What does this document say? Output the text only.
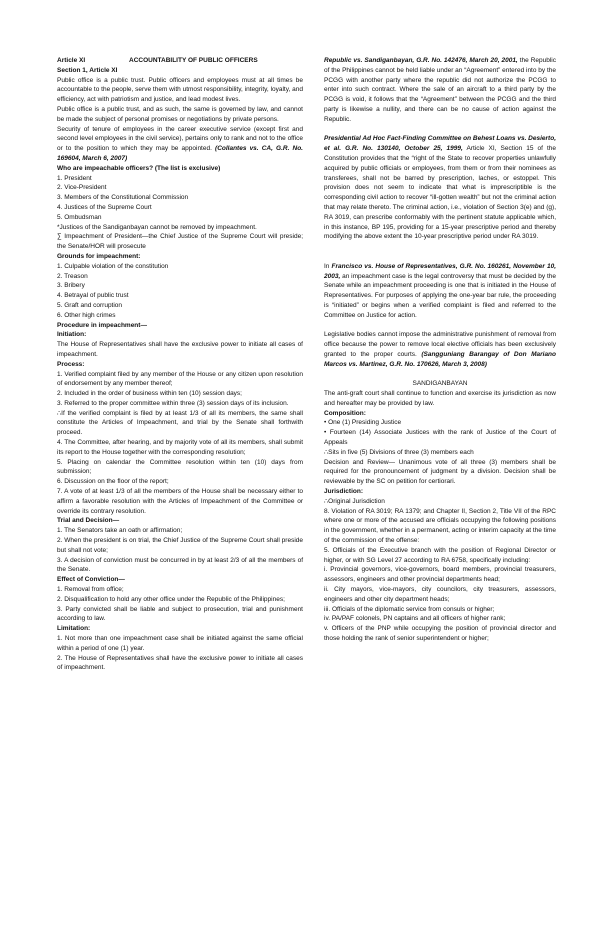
Article XI	ACCOUNTABILITY OF PUBLIC OFFICERS

Section 1, Article XI

Public office is a public trust. Public officers and employees must at all times be accountable to the people, serve them with utmost responsibility, integrity, loyalty, and efficiency, act with patriotism and justice, and lead modest lives.

Public office is a public trust, and as such, the same is governed by law, and cannot be made the subject of personal promises or negotiations by private persons.

Security of tenure of employees in the career executive service (except first and second level employees in the civil service), pertains only to rank and not to the office or to the position to which they may be appointed. (Collantes vs. CA, G.R. No. 169604, March 6, 2007)

Who are impeachable officers? (The list is exclusive)

1. President

2. Vice-President

3. Members of the Constitutional Commission

4. Justices of the Supreme Court

5. Ombudsman

*Justices of the Sandiganbayan cannot be removed by impeachment.

∑ Impeachment of President—the Chief Justice of the Supreme Court will preside; the Senate/HOR will prosecute

Grounds for impeachment:

1. Culpable violation of the constitution

2. Treason

3. Bribery

4. Betrayal of public trust

5. Graft and corruption

6. Other high crimes

Procedure in impeachment—

Initiation:

The House of Representatives shall have the exclusive power to initiate all cases of impeachment.

Process:

1. Verified complaint filed by any member of the House or any citizen upon resolution of endorsement by any member thereof;

2. Included in the order of business within ten (10) session days;

3. Referred to the proper committee within three (3) session days of its inclusion.

∴If the verified complaint is filed by at least 1/3 of all its members, the same shall constitute the Articles of Impeachment, and trial by the Senate shall forthwith proceed.

4. The Committee, after hearing, and by majority vote of all its members, shall submit its report to the House together with the corresponding resolution;

5. Placing on calendar the Committee resolution within ten (10) days from submission;

6. Discussion on the floor of the report;

7. A vote of at least 1/3 of all the members of the House shall be necessary either to affirm a favorable resolution with the Articles of Impeachment of the Committee or override its contrary resolution.

Trial and Decision—

1. The Senators take an oath or affirmation;

2. When the president is on trial, the Chief Justice of the Supreme Court shall preside but shall not vote;

3. A decision of conviction must be concurred in by at least 2/3 of all the members of the Senate.

Effect of Conviction—

1. Removal from office;

2. Disqualification to hold any other office under the Republic of the Philippines;

3. Party convicted shall be liable and subject to prosecution, trial and punishment according to law.

Limitation:

1. Not more than one impeachment case shall be initiated against the same official within a period of one (1) year.

2. The House of Representatives shall have the exclusive power to initiate all cases of impeachment.

Republic vs. Sandiganbayan, G.R. No. 142476, March 20, 2001, the Republic of the Philippines cannot be held liable under an “Agreement” entered into by the PCGG with another party where the republic did not authorize the PCGG to enter into such contract. Where the sale of an aircraft to a third party by the PCGG is void, it follows that the “Agreement” between the PCGG and the third party is likewise a nullity, and there can be no cause of action against the Republic.

Presidential Ad Hoc Fact-Finding Committee on Behest Loans vs. Desierto, et al. G.R. No. 130140, October 25, 1999, Article XI, Section 15 of the Constitution provides that the “right of the State to recover properties unlawfully acquired by public officials or employees, from them or from their nominees as transferees, shall not be barred by prescription, laches, or estoppel. This provision does not seem to indicate that what is imprescriptible is the corresponding civil action to recover “ill-gotten wealth” but not the criminal action that may relate thereto. The criminal action, i.e., violation of Section 3(e) and (g), RA 3019, can prescribe conformably with the pertinent statute applicable which, in this instance, BP 195, providing for a 15-year prescriptive period and thereby modifying the above extent the 10-year prescriptive period under RA 3019.

In Francisco vs. House of Representatives, G.R. No. 160261, November 10, 2003, an impeachment case is the legal controversy that must be decided by the Senate while an impeachment proceeding is one that is initiated in the House of Representatives. For purposes of applying the one-year bar rule, the proceeding is “initiated” or begins when a verified complaint is filed and referred to the Committee on Justice for action.

Legislative bodies cannot impose the administrative punishment of removal from office because the power to remove local elective officials has been exclusively granted to the proper courts. (Sangguniang Barangay of Don Mariano Marcos vs. Martinez, G.R. No. 170626, March 3, 2008)

SANDIGANBAYAN

The anti-graft court shall continue to function and exercise its jurisdiction as now and hereafter may be provided by law.

Composition:

• One (1) Presiding Justice

• Fourteen (14) Associate Justices with the rank of Justice of the Court of Appeals

∴Sits in five (5) Divisions of three (3) members each

Decision and Review— Unanimous vote of all three (3) members shall be required for the pronouncement of judgment by a division. Decision shall be reviewable by the SC on petition for certiorari.

Jurisdiction:

∴Original Jurisdiction

8. Violation of RA 3019; RA 1379; and Chapter II, Section 2, Title VII of the RPC where one or more of the accused are officials occupying the following positions in the government, whether in a permanent, acting or interim capacity at the time of the commission of the offense:

5. Officials of the Executive branch with the position of Regional Director or higher, or with SG Level 27 according to RA 6758, specifically including:

i. Provincial governors, vice-governors, board members, provincial treasurers, assessors, engineers and other provincial departments head;

ii. City mayors, vice-mayors, city councilors, city treasurers, assessors, engineers and other city department heads;

iii. Officials of the diplomatic service from consuls or higher;

iv. PA/PAF colonels, PN captains and all officers of higher rank;

v. Officers of the PNP while occupying the position of provincial director and those holding the rank of senior superintendent or higher;
